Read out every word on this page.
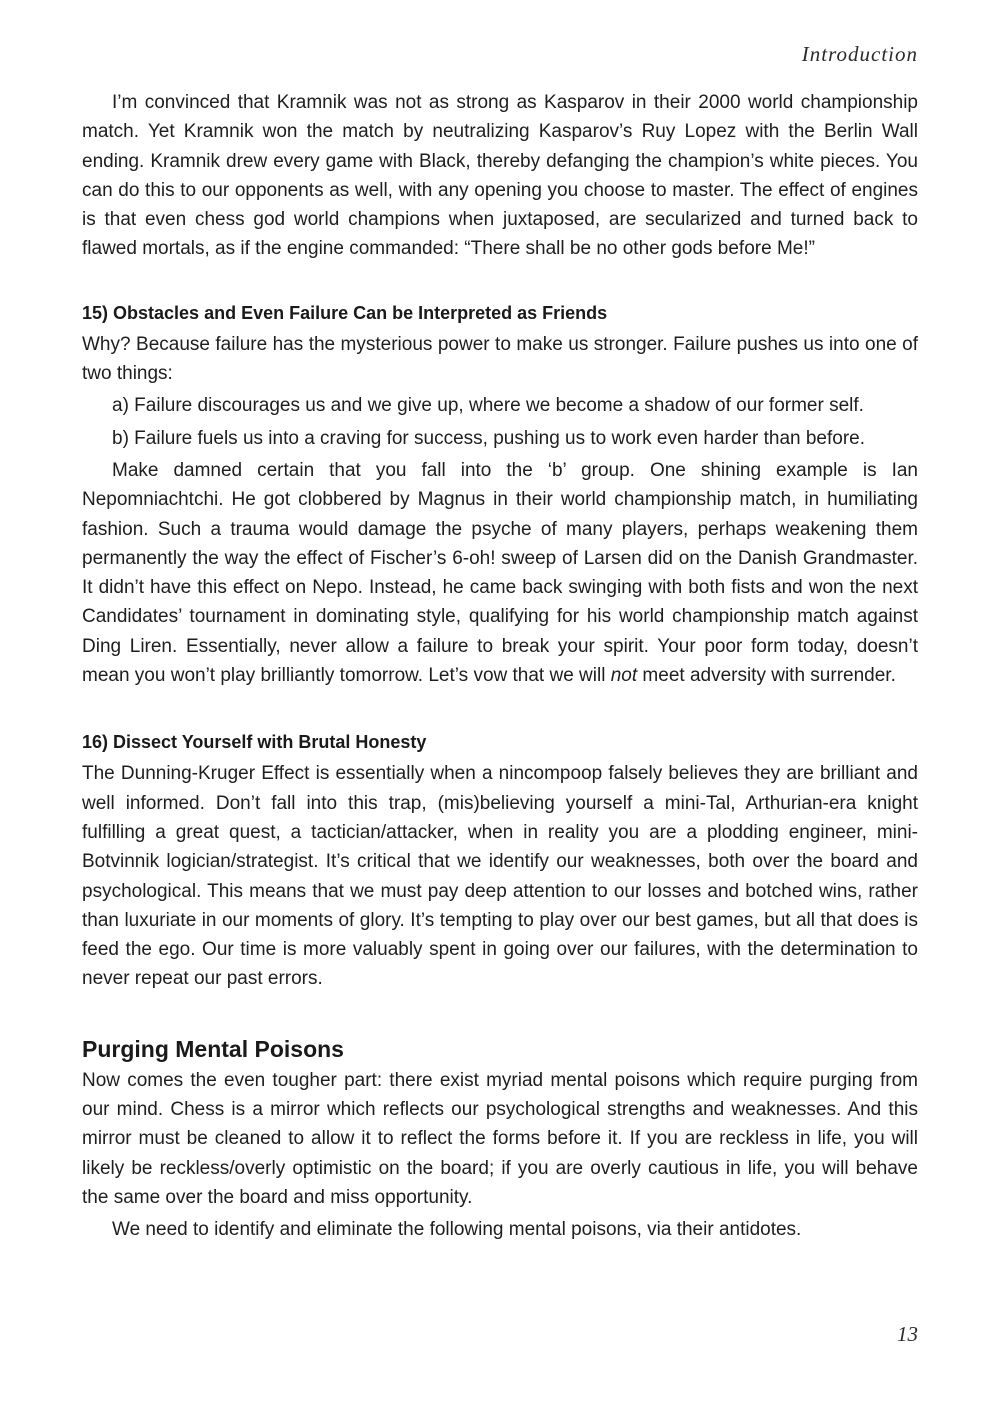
Introduction

I’m convinced that Kramnik was not as strong as Kasparov in their 2000 world championship match. Yet Kramnik won the match by neutralizing Kasparov’s Ruy Lopez with the Berlin Wall ending. Kramnik drew every game with Black, thereby defanging the champion’s white pieces. You can do this to our opponents as well, with any opening you choose to master. The effect of engines is that even chess god world champions when juxtaposed, are secularized and turned back to flawed mortals, as if the engine commanded: “There shall be no other gods before Me!”

15) Obstacles and Even Failure Can be Interpreted as Friends

Why? Because failure has the mysterious power to make us stronger. Failure pushes us into one of two things:

a) Failure discourages us and we give up, where we become a shadow of our former self.
b) Failure fuels us into a craving for success, pushing us to work even harder than before.

Make damned certain that you fall into the ‘b’ group. One shining example is Ian Nepomniachtchi. He got clobbered by Magnus in their world championship match, in humiliating fashion. Such a trauma would damage the psyche of many players, perhaps weakening them permanently the way the effect of Fischer’s 6-oh! sweep of Larsen did on the Danish Grandmaster. It didn’t have this effect on Nepo. Instead, he came back swinging with both fists and won the next Candidates’ tournament in dominating style, qualifying for his world championship match against Ding Liren. Essentially, never allow a failure to break your spirit. Your poor form today, doesn’t mean you won’t play brilliantly tomorrow. Let’s vow that we will not meet adversity with surrender.

16) Dissect Yourself with Brutal Honesty

The Dunning-Kruger Effect is essentially when a nincompoop falsely believes they are brilliant and well informed. Don’t fall into this trap, (mis)believing yourself a mini-Tal, Arthurian-era knight fulfilling a great quest, a tactician/attacker, when in reality you are a plodding engineer, mini-Botvinnik logician/strategist. It’s critical that we identify our weaknesses, both over the board and psychological. This means that we must pay deep attention to our losses and botched wins, rather than luxuriate in our moments of glory. It’s tempting to play over our best games, but all that does is feed the ego. Our time is more valuably spent in going over our failures, with the determination to never repeat our past errors.

Purging Mental Poisons

Now comes the even tougher part: there exist myriad mental poisons which require purging from our mind. Chess is a mirror which reflects our psychological strengths and weaknesses. And this mirror must be cleaned to allow it to reflect the forms before it. If you are reckless in life, you will likely be reckless/overly optimistic on the board; if you are overly cautious in life, you will behave the same over the board and miss opportunity.

We need to identify and eliminate the following mental poisons, via their antidotes.

13
